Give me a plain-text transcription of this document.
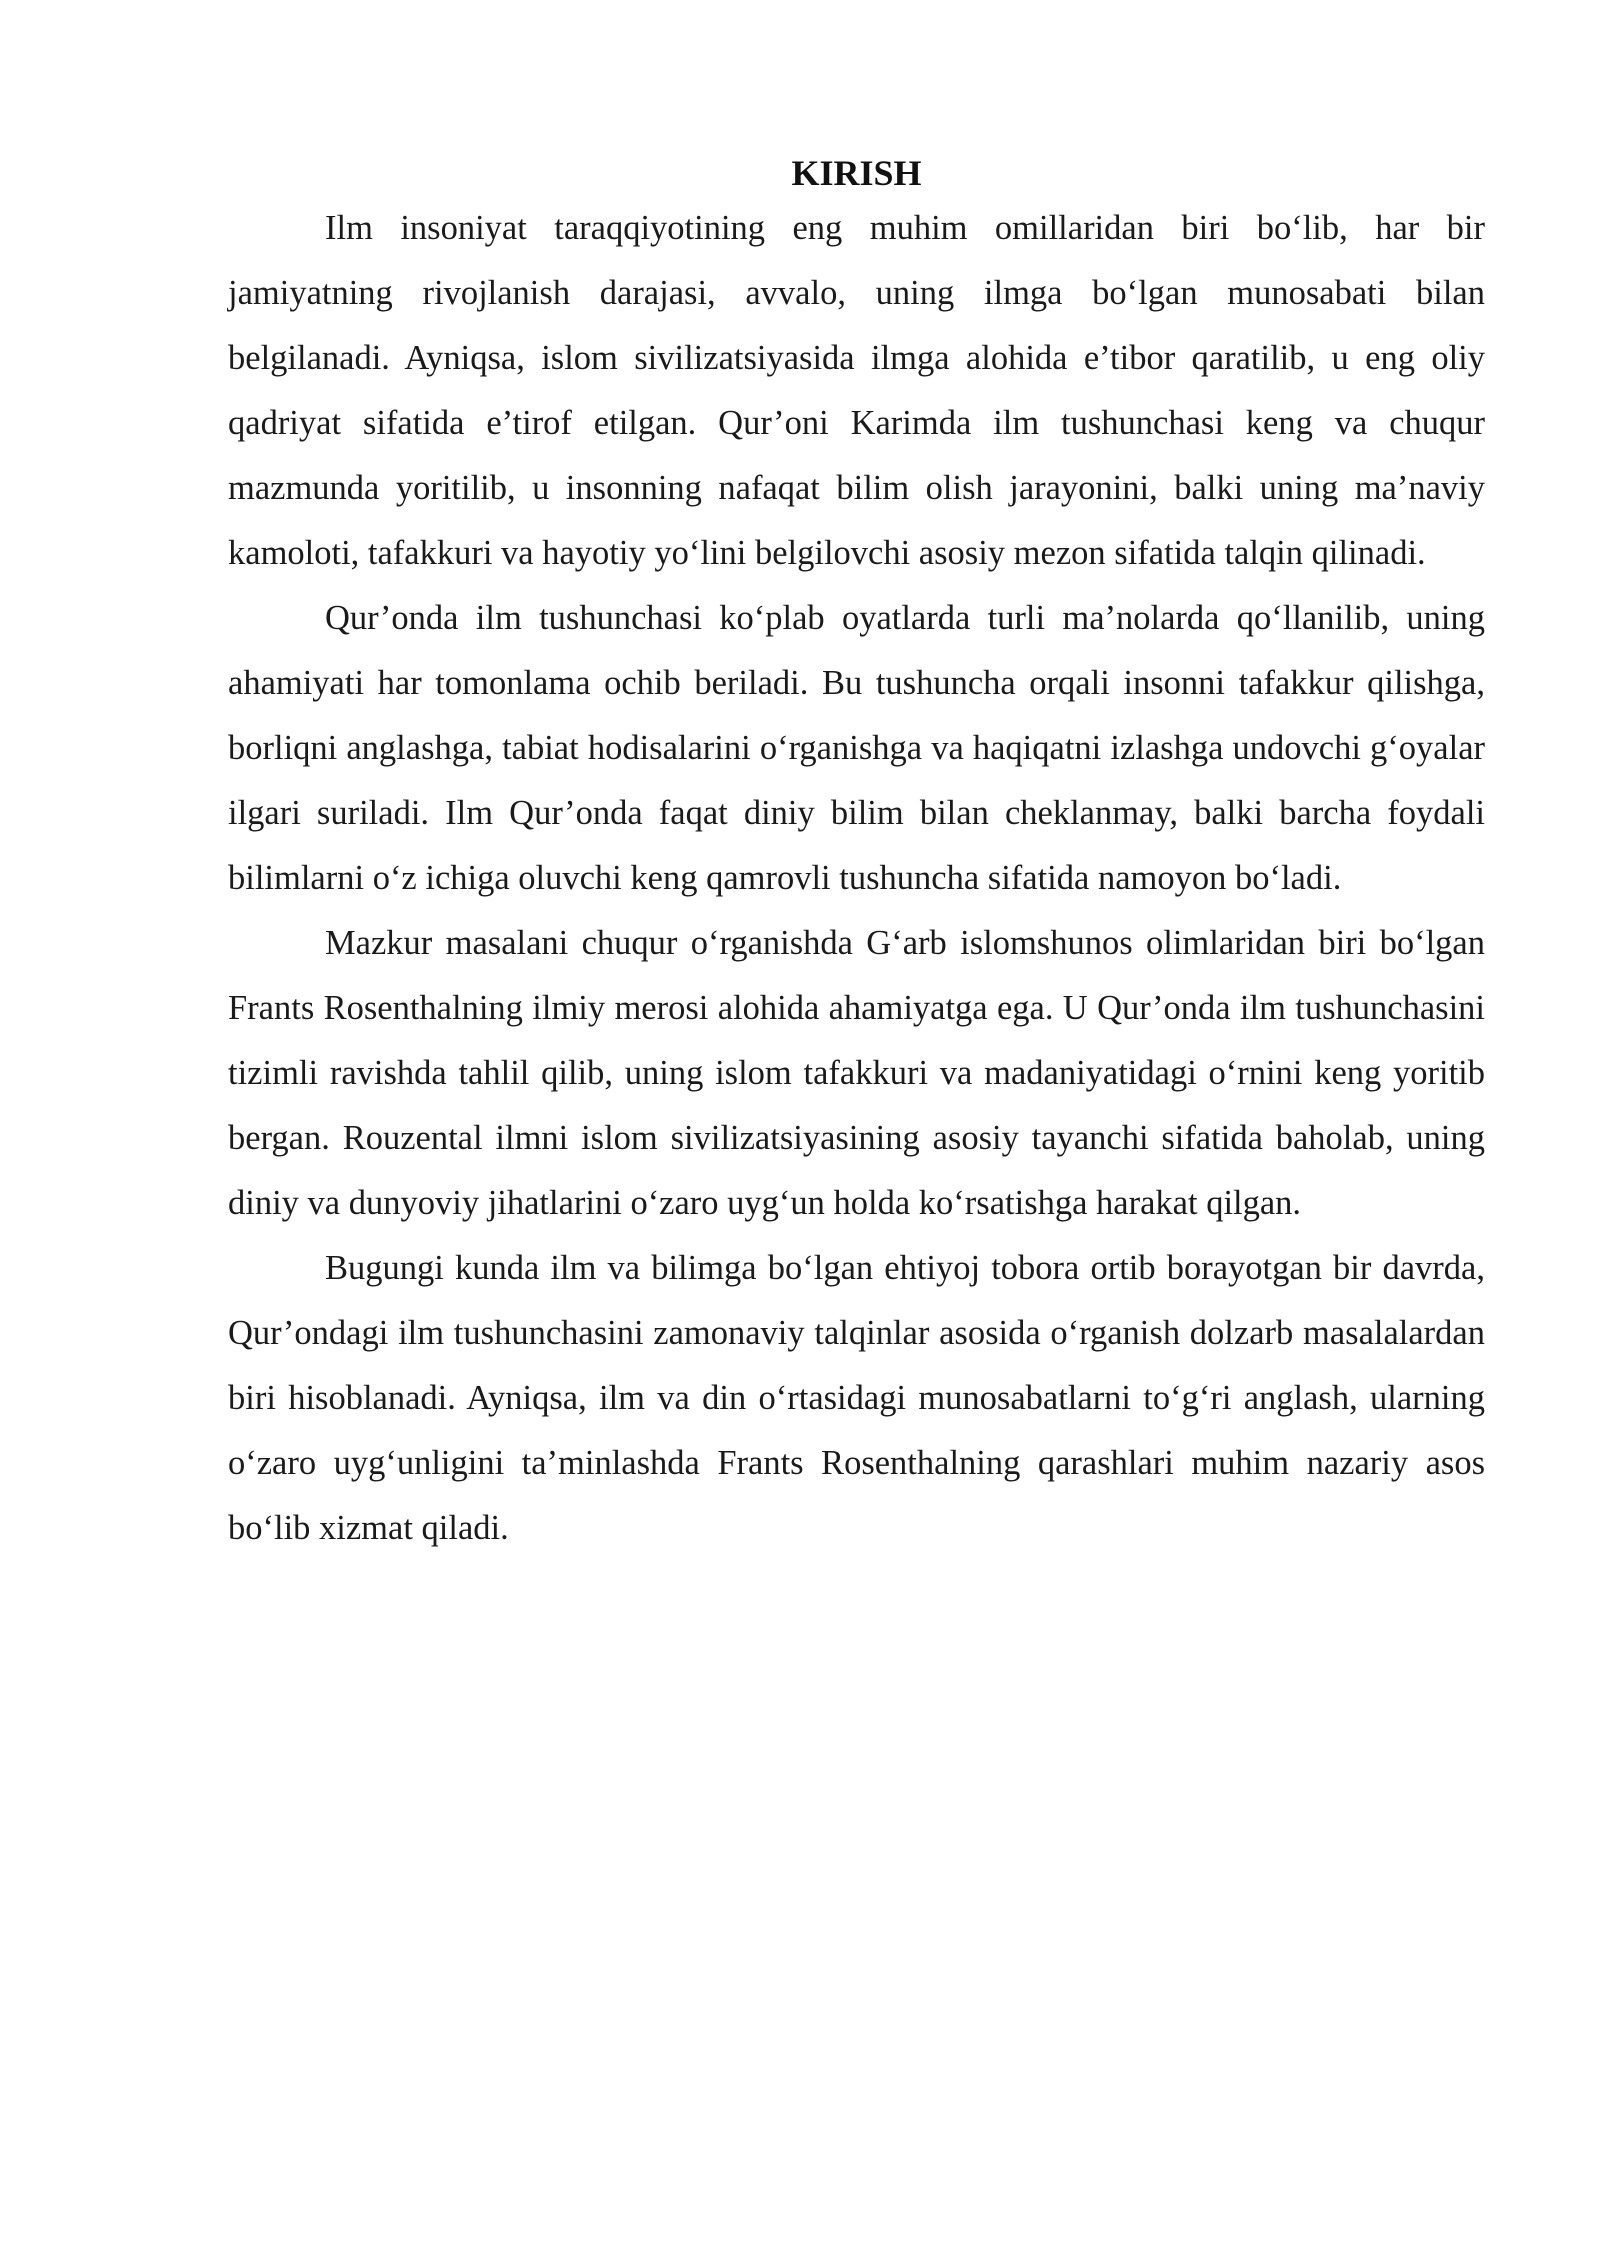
KIRISH

Ilm insoniyat taraqqiyotining eng muhim omillaridan biri bo‘lib, har bir jamiyatning rivojlanish darajasi, avvalo, uning ilmga bo‘lgan munosabati bilan belgilanadi. Ayniqsa, islom sivilizatsiyasida ilmga alohida e’tibor qaratilib, u eng oliy qadriyat sifatida e’tirof etilgan. Qur’oni Karimda ilm tushunchasi keng va chuqur mazmunda yoritilib, u insonning nafaqat bilim olish jarayonini, balki uning ma’naviy kamoloti, tafakkuri va hayotiy yo‘lini belgilovchi asosiy mezon sifatida talqin qilinadi.

Qur’onda ilm tushunchasi ko‘plab oyatlarda turli ma’nolarda qo‘llanilib, uning ahamiyati har tomonlama ochib beriladi. Bu tushuncha orqali insonni tafakkur qilishga, borliqni anglashga, tabiat hodisalarini o‘rganishga va haqiqatni izlashga undovchi g‘oyalar ilgari suriladi. Ilm Qur’onda faqat diniy bilim bilan cheklanmay, balki barcha foydali bilimlarni o‘z ichiga oluvchi keng qamrovli tushuncha sifatida namoyon bo‘ladi.

Mazkur masalani chuqur o‘rganishda G‘arb islomshunos olimlaridan biri bo‘lgan Frants Rosenthalning ilmiy merosi alohida ahamiyatga ega. U Qur’onda ilm tushunchasini tizimli ravishda tahlil qilib, uning islom tafakkuri va madaniyatidagi o‘rnini keng yoritib bergan. Rouzental ilmni islom sivilizatsiyasining asosiy tayanchi sifatida baholab, uning diniy va dunyoviy jihatlarini o‘zaro uyg‘un holda ko‘rsatishga harakat qilgan.

Bugungi kunda ilm va bilimga bo‘lgan ehtiyoj tobora ortib borayotgan bir davrda, Qur’ondagi ilm tushunchasini zamonaviy talqinlar asosida o‘rganish dolzarb masalalardan biri hisoblanadi. Ayniqsa, ilm va din o‘rtasidagi munosabatlarni to‘g‘ri anglash, ularning o‘zaro uyg‘unligini ta’minlashda Frants Rosenthalning qarashlari muhim nazariy asos bo‘lib xizmat qiladi.
